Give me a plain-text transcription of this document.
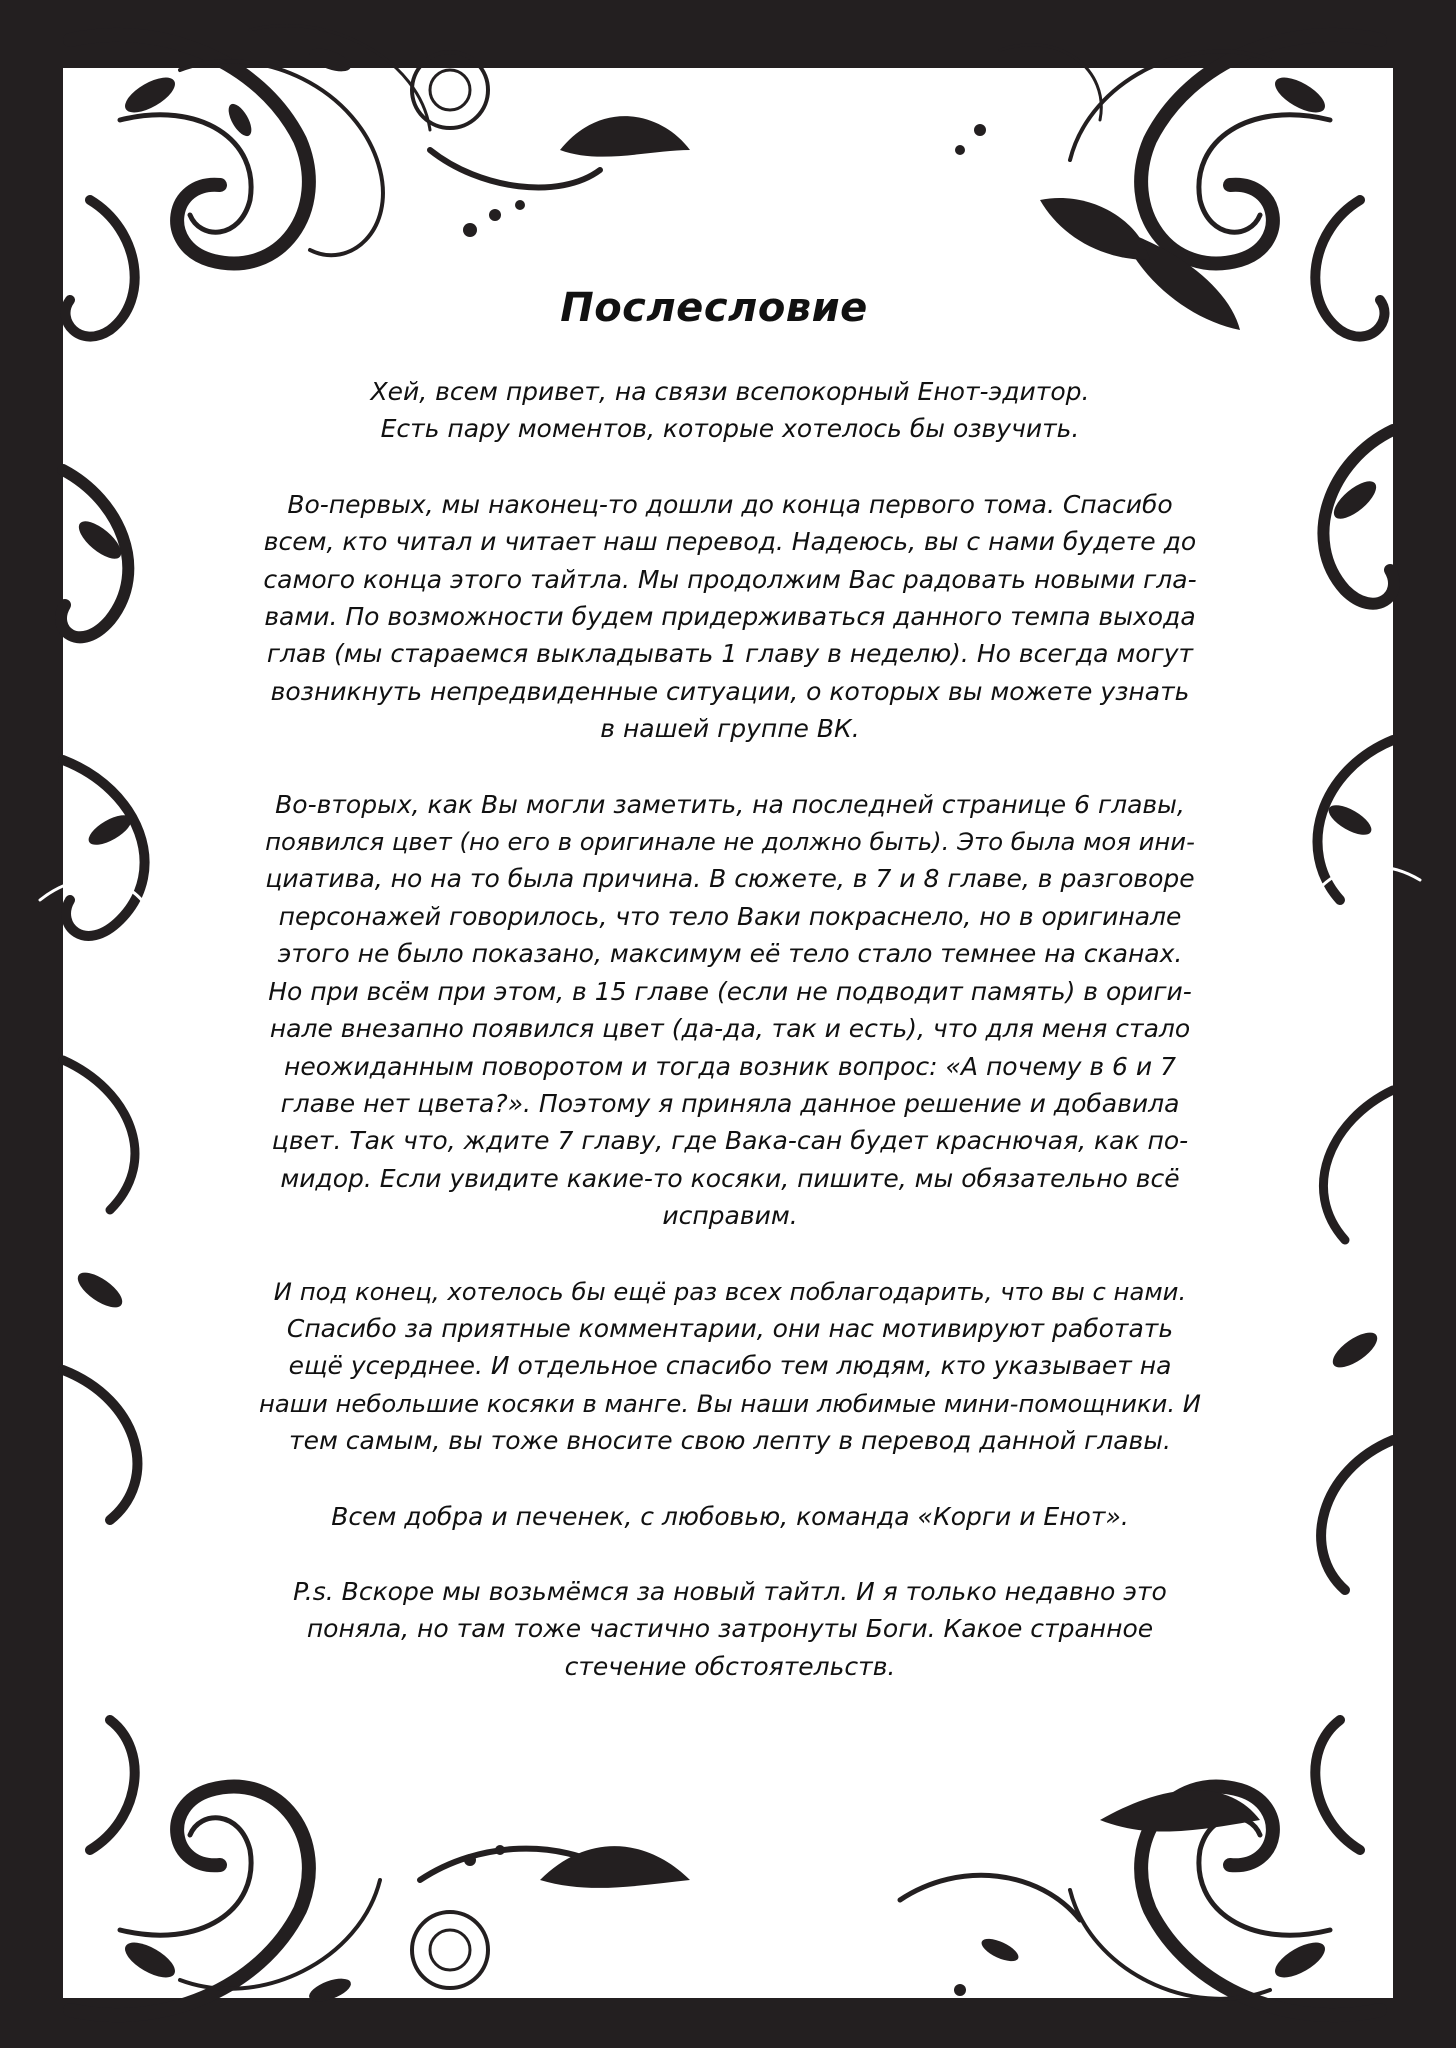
Послесловие

Хей, всем привет, на связи всепокорный Енот-эдитор.
Есть пару моментов, которые хотелось бы озвучить.

Во-первых, мы наконец-то дошли до конца первого тома. Спасибо
всем, кто читал и читает наш перевод. Надеюсь, вы с нами будете до
самого конца этого тайтла. Мы продолжим Вас радовать новыми гла-
вами. По возможности будем придерживаться данного темпа выхода
глав (мы стараемся выкладывать 1 главу в неделю). Но всегда могут
возникнуть непредвиденные ситуации, о которых вы можете узнать
в нашей группе ВК.

Во-вторых, как Вы могли заметить, на последней странице 6 главы,
появился цвет (но его в оригинале не должно быть). Это была моя ини-
циатива, но на то была причина. В сюжете, в 7 и 8 главе, в разговоре
персонажей говорилось, что тело Ваки покраснело, но в оригинале
этого не было показано, максимум её тело стало темнее на сканах.
Но при всём при этом, в 15 главе (если не подводит память) в ориги-
нале внезапно появился цвет (да-да, так и есть), что для меня стало
неожиданным поворотом и тогда возник вопрос: «А почему в 6 и 7
главе нет цвета?». Поэтому я приняла данное решение и добавила
цвет. Так что, ждите 7 главу, где Вака-сан будет краснючая, как по-
мидор. Если увидите какие-то косяки, пишите, мы обязательно всё
исправим.

И под конец, хотелось бы ещё раз всех поблагодарить, что вы с нами.
Спасибо за приятные комментарии, они нас мотивируют работать
ещё усерднее. И отдельное спасибо тем людям, кто указывает на
наши небольшие косяки в манге. Вы наши любимые мини-помощники. И
тем самым, вы тоже вносите свою лепту в перевод данной главы.

Всем добра и печенек, с любовью, команда «Корги и Енот».

P.s. Вскоре мы возьмёмся за новый тайтл. И я только недавно это
поняла, но там тоже частично затронуты Боги. Какое странное
стечение обстоятельств.
